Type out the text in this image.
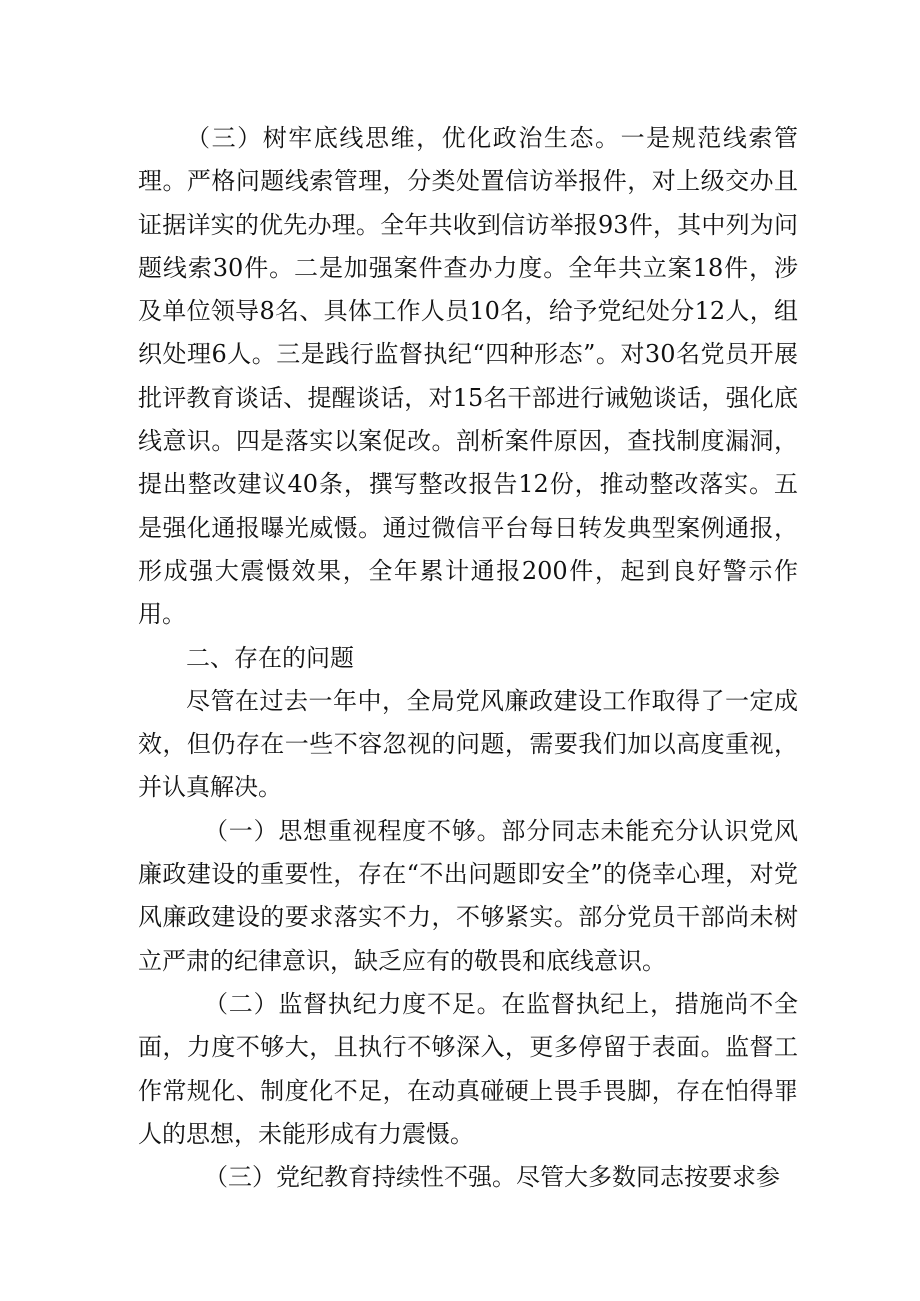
（三）树牢底线思维，优化政治生态。一是规范线索管理。严格问题线索管理，分类处置信访举报件，对上级交办且证据详实的优先办理。全年共收到信访举报93件，其中列为问题线索30件。二是加强案件查办力度。全年共立案18件，涉及单位领导8名、具体工作人员10名，给予党纪处分12人，组织处理6人。三是践行监督执纪“四种形态”。对30名党员开展批评教育谈话、提醒谈话，对15名干部进行诫勉谈话，强化底线意识。四是落实以案促改。剖析案件原因，查找制度漏洞，提出整改建议40条，撰写整改报告12份，推动整改落实。五是强化通报曝光威慑。通过微信平台每日转发典型案例通报，形成强大震慑效果，全年累计通报200件，起到良好警示作用。

二、存在的问题

尽管在过去一年中，全局党风廉政建设工作取得了一定成效，但仍存在一些不容忽视的问题，需要我们加以高度重视，并认真解决。

（一）思想重视程度不够。部分同志未能充分认识党风廉政建设的重要性，存在“不出问题即安全”的侥幸心理，对党风廉政建设的要求落实不力，不够紧实。部分党员干部尚未树立严肃的纪律意识，缺乏应有的敬畏和底线意识。

（二）监督执纪力度不足。在监督执纪上，措施尚不全面，力度不够大，且执行不够深入，更多停留于表面。监督工作常规化、制度化不足，在动真碰硬上畏手畏脚，存在怕得罪人的思想，未能形成有力震慑。

（三）党纪教育持续性不强。尽管大多数同志按要求参
